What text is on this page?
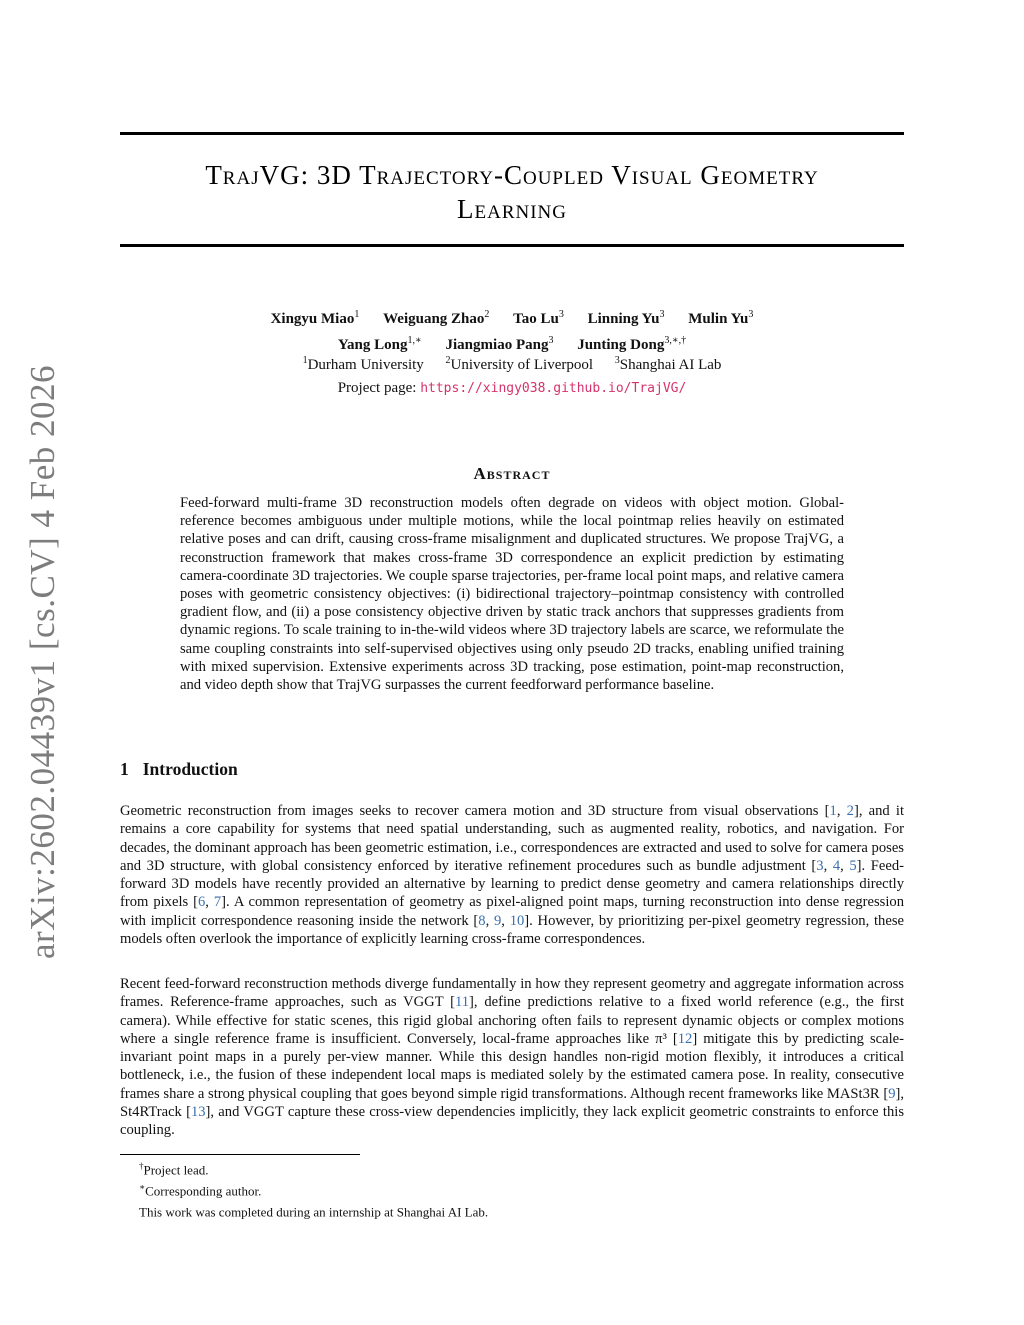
arXiv:2602.04439v1 [cs.CV] 4 Feb 2026
TrajVG: 3D Trajectory-Coupled Visual Geometry
Learning
Xingyu Miao$^1$ Weiguang Zhao$^2$ Tao Lu$^3$ Linning Yu$^3$ Mulin Yu$^3$
Yang Long$^{1,∗}$ Jiangmiao Pang$^3$ Junting Dong$^{3,∗,\dagger}$
$^1$Durham University $^2$University of Liverpool $^3$Shanghai AI Lab
Project page: https://xingy038.github.io/TrajVG/
Abstract

Feed-forward multi-frame 3D reconstruction models often degrade on videos with object motion. Global-reference becomes ambiguous under multiple motions, while the local pointmap relies heavily on estimated relative poses and can drift, causing cross-frame misalignment and duplicated structures. We propose TrajVG, a reconstruction framework that makes cross-frame 3D correspondence an explicit prediction by estimating camera-coordinate 3D trajectories. We couple sparse trajectories, per-frame local point maps, and relative camera poses with geometric consistency objectives: (i) bidirectional trajectory–pointmap consistency with controlled gradient flow, and (ii) a pose consistency objective driven by static track anchors that suppresses gradients from dynamic regions. To scale training to in-the-wild videos where 3D trajectory labels are scarce, we reformulate the same coupling constraints into self-supervised objectives using only pseudo 2D tracks, enabling unified training with mixed supervision. Extensive experiments across 3D tracking, pose estimation, point-map reconstruction, and video depth show that TrajVG surpasses the current feedforward performance baseline.

1 Introduction

Geometric reconstruction from images seeks to recover camera motion and 3D structure from visual observations [1, 2], and it remains a core capability for systems that need spatial understanding, such as augmented reality, robotics, and navigation. For decades, the dominant approach has been geometric estimation, i.e., correspondences are extracted and used to solve for camera poses and 3D structure, with global consistency enforced by iterative refinement procedures such as bundle adjustment [3, 4, 5]. Feed-forward 3D models have recently provided an alternative by learning to predict dense geometry and camera relationships directly from pixels [6, 7]. A common representation of geometry as pixel-aligned point maps, turning reconstruction into dense regression with implicit correspondence reasoning inside the network [8, 9, 10]. However, by prioritizing per-pixel geometry regression, these models often overlook the importance of explicitly learning cross-frame correspondences.

Recent feed-forward reconstruction methods diverge fundamentally in how they represent geometry and aggregate information across frames. Reference-frame approaches, such as VGGT [11], define predictions relative to a fixed world reference (e.g., the first camera). While effective for static scenes, this rigid global anchoring often fails to represent dynamic objects or complex motions where a single reference frame is insufficient. Conversely, local-frame approaches like π³ [12] mitigate this by predicting scale-invariant point maps in a purely per-view manner. While this design handles non-rigid motion flexibly, it introduces a critical bottleneck, i.e., the fusion of these independent local maps is mediated solely by the estimated camera pose. In reality, consecutive frames share a strong physical coupling that goes beyond simple rigid transformations. Although recent frameworks like MASt3R [9], St4RTrack [13], and VGGT capture these cross-view dependencies implicitly, they lack explicit geometric constraints to enforce this coupling.

†Project lead.
∗Corresponding author.
This work was completed during an internship at Shanghai AI Lab.
